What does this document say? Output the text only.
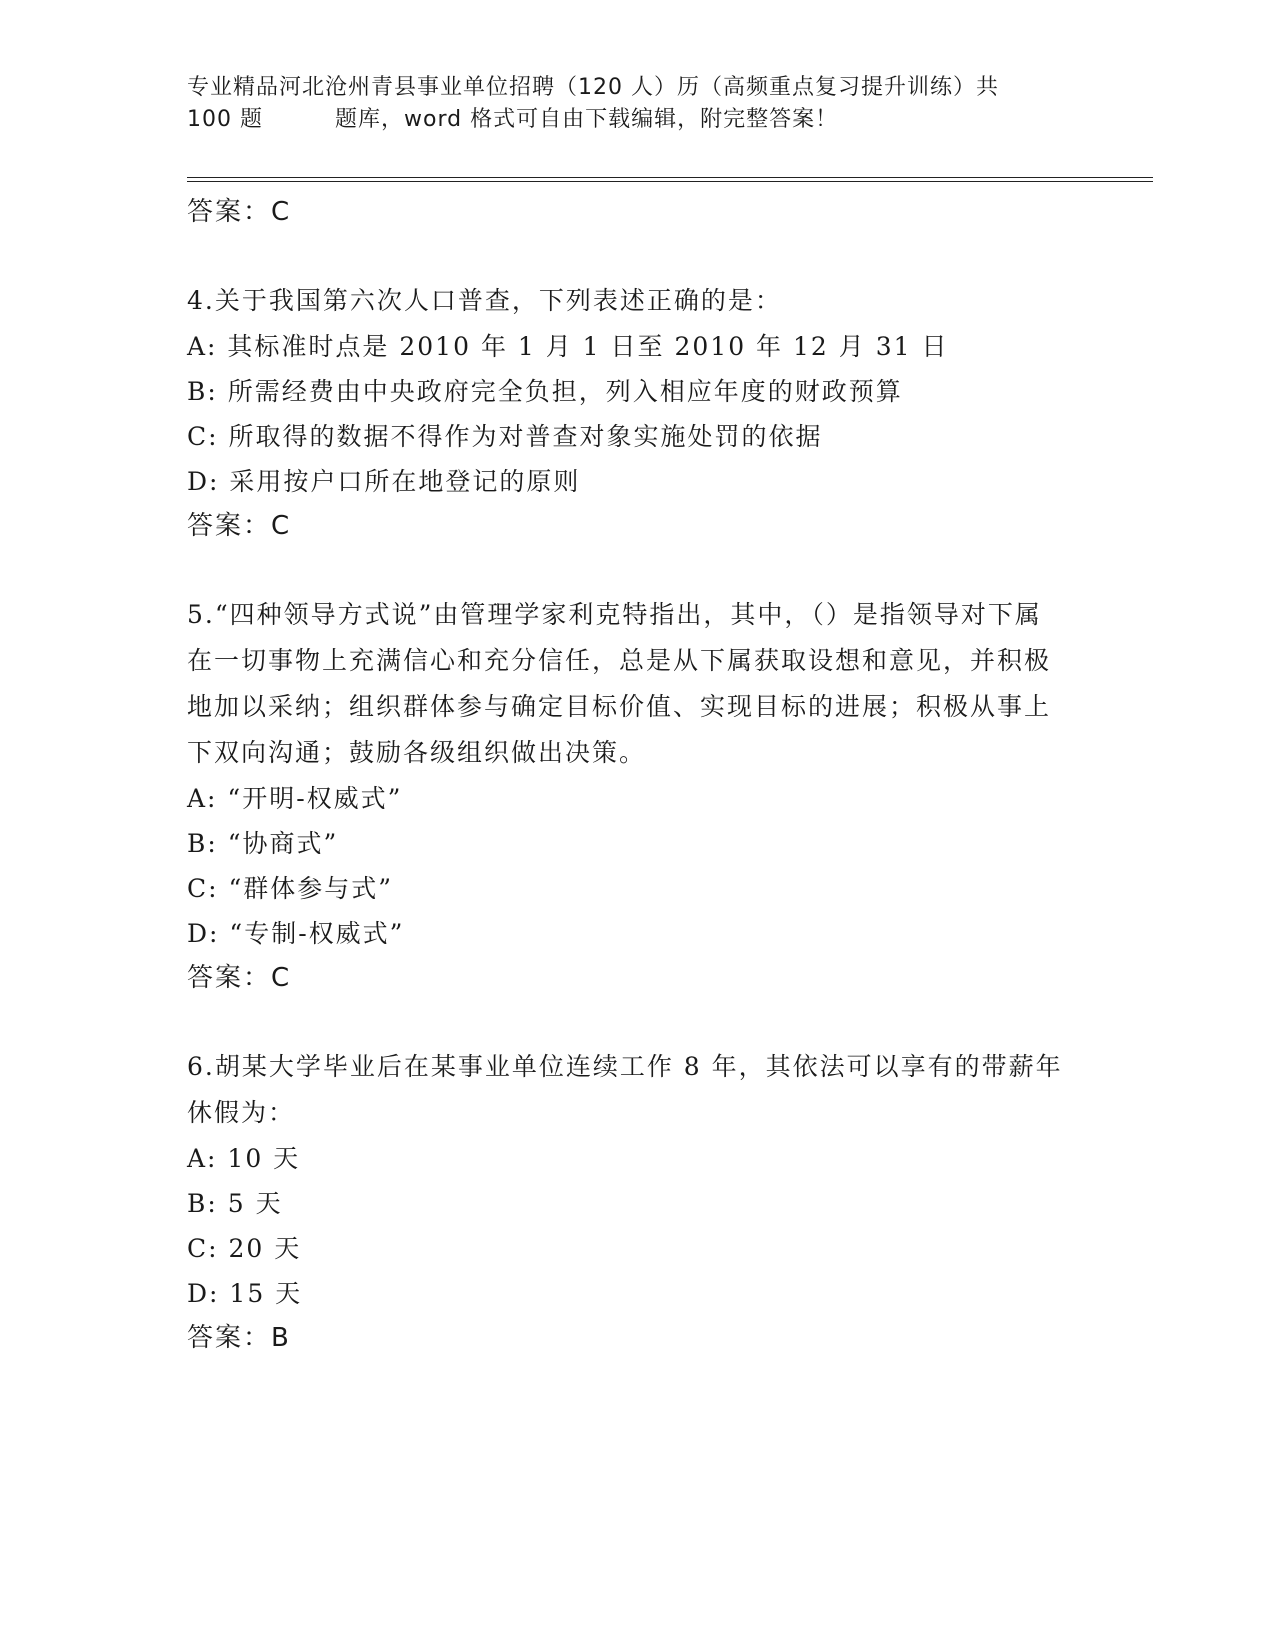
专业精品河北沧州青县事业单位招聘（120 人）历（高频重点复习提升训练）共
100 题	题库，word 格式可自由下载编辑，附完整答案！
答案：C
4.关于我国第六次人口普查，下列表述正确的是：
A: 其标准时点是 2010 年 1 月 1 日至 2010 年 12 月 31 日
B: 所需经费由中央政府完全负担，列入相应年度的财政预算
C: 所取得的数据不得作为对普查对象实施处罚的依据
D: 采用按户口所在地登记的原则
答案：C
5.“四种领导方式说”由管理学家利克特指出，其中，（）是指领导对下属在一切事物上充满信心和充分信任，总是从下属获取设想和意见，并积极地加以采纳；组织群体参与确定目标价值、实现目标的进展；积极从事上下双向沟通；鼓励各级组织做出决策。
A: “开明-权威式”
B: “协商式”
C: “群体参与式”
D: “专制-权威式”
答案：C
6.胡某大学毕业后在某事业单位连续工作 8 年，其依法可以享有的带薪年休假为：
A: 10 天
B: 5 天
C: 20 天
D: 15 天
答案：B
